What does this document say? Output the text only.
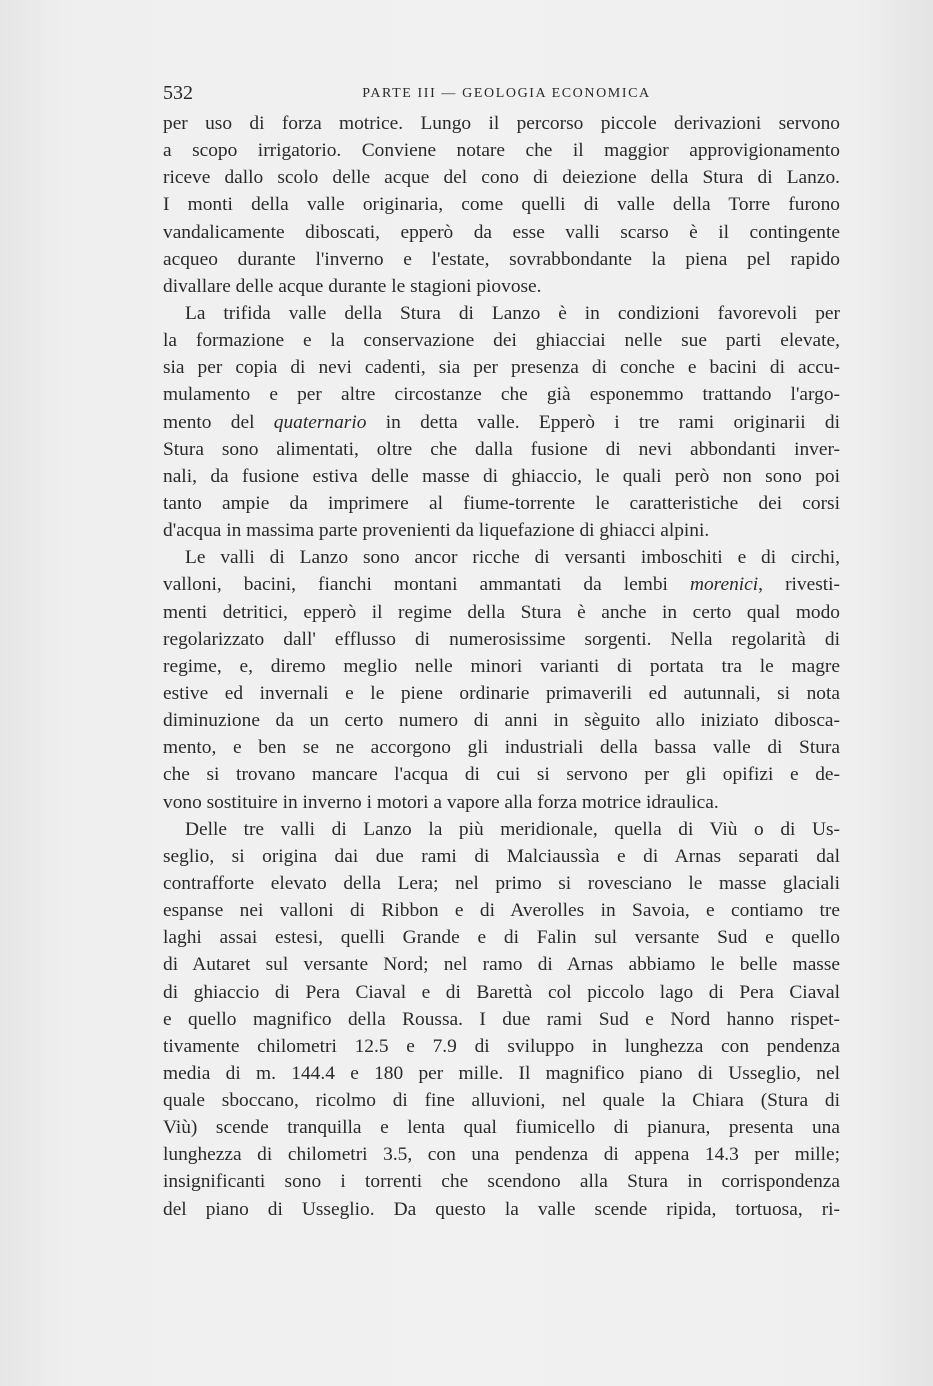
532	PARTE III — GEOLOGIA ECONOMICA
per uso di forza motrice. Lungo il percorso piccole derivazioni servono
a scopo irrigatorio. Conviene notare che il maggior approvigionamento
riceve dallo scolo delle acque del cono di deiezione della Stura di Lanzo.
I monti della valle originaria, come quelli di valle della Torre furono
vandalicamente diboscati, epperò da esse valli scarso è il contingente
acqueo durante l'inverno e l'estate, sovrabbondante la piena pel rapido
divallare delle acque durante le stagioni piovose.
La trifida valle della Stura di Lanzo è in condizioni favorevoli per
la formazione e la conservazione dei ghiacciai nelle sue parti elevate,
sia per copia di nevi cadenti, sia per presenza di conche e bacini di accu-
mulamento e per altre circostanze che già esponemmo trattando l'argo-
mento del quaternario in detta valle. Epperò i tre rami originarii di
Stura sono alimentati, oltre che dalla fusione di nevi abbondanti inver-
nali, da fusione estiva delle masse di ghiaccio, le quali però non sono poi
tanto ampie da imprimere al fiume-torrente le caratteristiche dei corsi
d'acqua in massima parte provenienti da liquefazione di ghiacci alpini.
Le valli di Lanzo sono ancor ricche di versanti imboschiti e di circhi,
valloni, bacini, fianchi montani ammantati da lembi morenici, rivesti-
menti detritici, epperò il regime della Stura è anche in certo qual modo
regolarizzato dall' efflusso di numerosissime sorgenti. Nella regolarità di
regime, e, diremo meglio nelle minori varianti di portata tra le magre
estive ed invernali e le piene ordinarie primaverili ed autunnali, si nota
diminuzione da un certo numero di anni in sèguito allo iniziato dibosca-
mento, e ben se ne accorgono gli industriali della bassa valle di Stura
che si trovano mancare l'acqua di cui si servono per gli opifizi e de-
vono sostituire in inverno i motori a vapore alla forza motrice idraulica.
Delle tre valli di Lanzo la più meridionale, quella di Viù o di Us-
seglio, si origina dai due rami di Malciaussìa e di Arnas separati dal
contrafforte elevato della Lera; nel primo si rovesciano le masse glaciali
espanse nei valloni di Ribbon e di Averolles in Savoia, e contiamo tre
laghi assai estesi, quelli Grande e di Falin sul versante Sud e quello
di Autaret sul versante Nord; nel ramo di Arnas abbiamo le belle masse
di ghiaccio di Pera Ciaval e di Barettà col piccolo lago di Pera Ciaval
e quello magnifico della Roussa. I due rami Sud e Nord hanno rispet-
tivamente chilometri 12.5 e 7.9 di sviluppo in lunghezza con pendenza
media di m. 144.4 e 180 per mille. Il magnifico piano di Usseglio, nel
quale sboccano, ricolmo di fine alluvioni, nel quale la Chiara (Stura di
Viù) scende tranquilla e lenta qual fiumicello di pianura, presenta una
lunghezza di chilometri 3.5, con una pendenza di appena 14.3 per mille;
insignificanti sono i torrenti che scendono alla Stura in corrispondenza
del piano di Usseglio. Da questo la valle scende ripida, tortuosa, ri-
